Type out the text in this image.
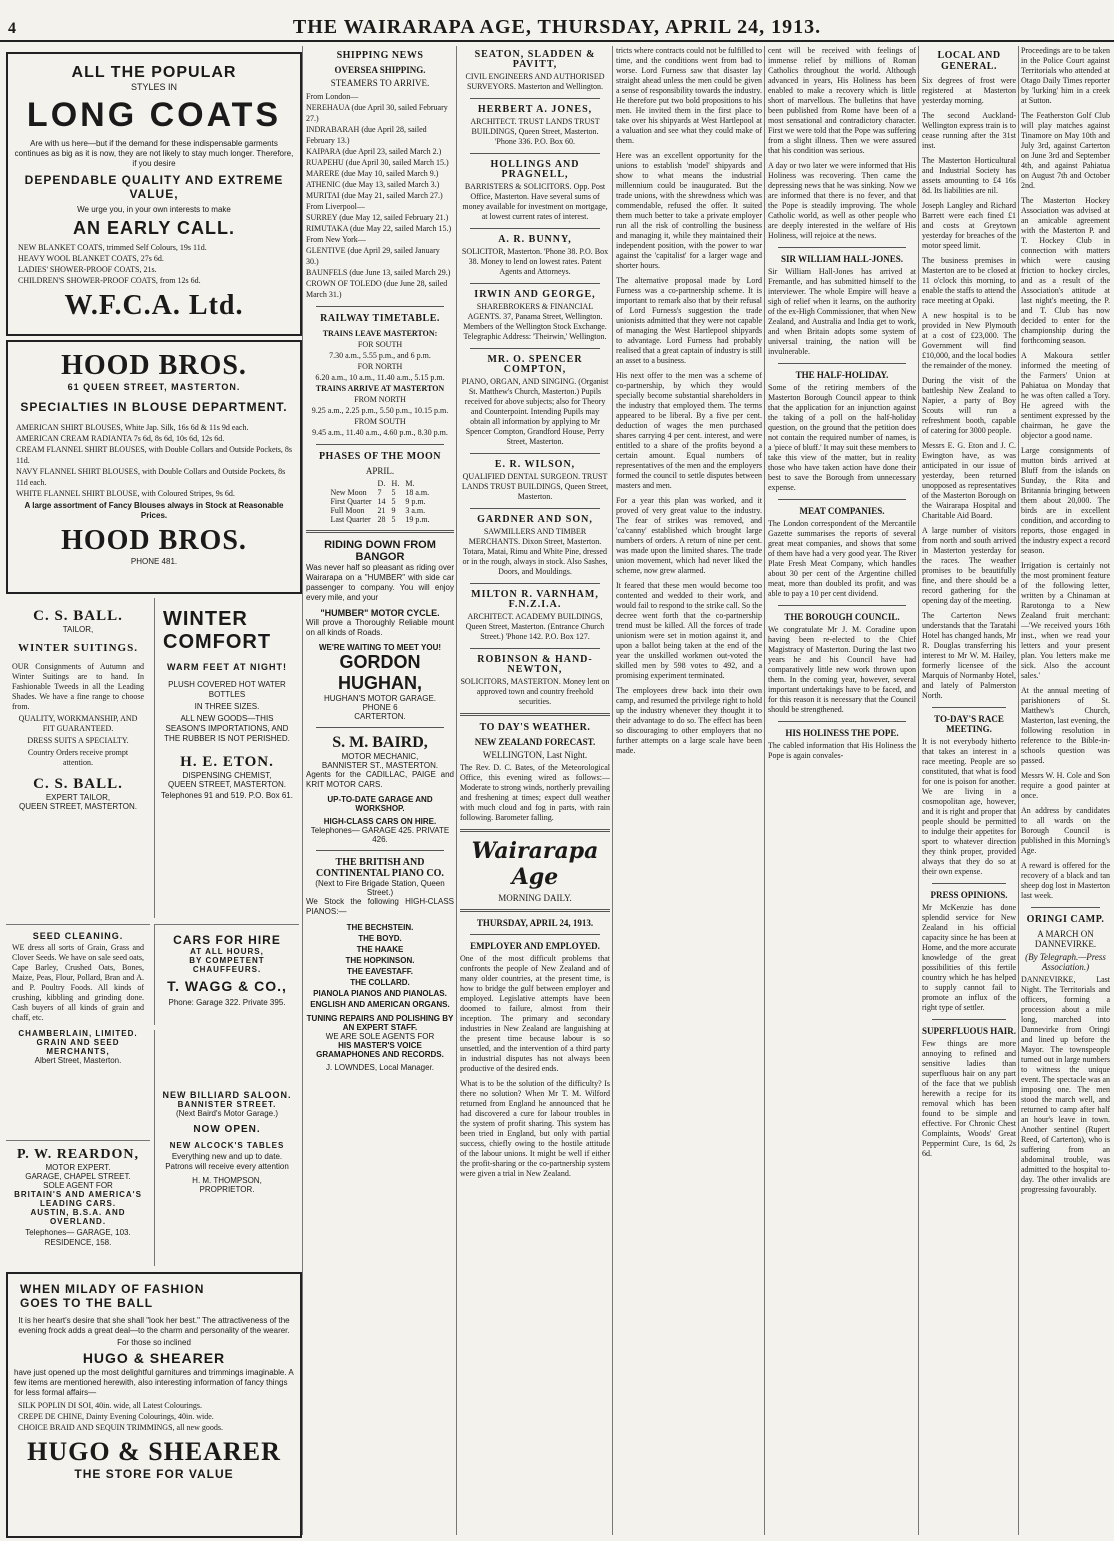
4	THE WAIRARAPA AGE, THURSDAY, APRIL 24, 1913.
ALL THE POPULAR
STYLES IN
LONG COATS
Are with us here—but if the demand for these indispensable garments continues as big as it is now, they are not likely to stay much longer. Therefore, if you desire
DEPENDABLE QUALITY AND EXTREME VALUE,
We urge you, in your own interests to make
AN EARLY CALL.
NEW BLANKET COATS, trimmed Self Colours, 19s 11d.
HEAVY WOOL BLANKET COATS, 27s 6d.
LADIES' SHOWER-PROOF COATS, 21s.
CHILDREN'S SHOWER-PROOF COATS, from 12s 6d.
W.F.C.A. Ltd.
HOOD BROS.
61 QUEEN STREET, MASTERTON.
SPECIALTIES IN BLOUSE DEPARTMENT.
AMERICAN SHIRT BLOUSES, White Jap. Silk, 16s 6d & 11s 9d each.
AMERICAN CREAM RADIANTA 7s 6d, 8s 6d, 10s 6d, 12s 6d.
CREAM FLANNEL SHIRT BLOUSES, with Double Collars and Outside Pockets, 8s 11d.
NAVY FLANNEL SHIRT BLOUSES, with Double Collars and Outside Pockets, 8s 11d each.
WHITE FLANNEL SHIRT BLOUSE, with Coloured Stripes, 9s 6d.
A large assortment of Fancy Blouses always in Stock at Reasonable Prices.
HOOD BROS.
PHONE 481.
C. S. BALL.
TAILOR,
WINTER SUITINGS.
OUR Consignments of Autumn and Winter Suitings are to hand. In Fashionable Tweeds in all the Leading Shades. We have a fine range to choose from.
QUALITY, WORKMANSHIP, AND FIT GUARANTEED.
DRESS SUITS A SPECIALTY.
Country Orders receive prompt attention.
C. S. BALL.
EXPERT TAILOR,
QUEEN STREET, MASTERTON.
WINTER
COMFORT
WARM FEET AT NIGHT!
PLUSH COVERED HOT WATER BOTTLES
IN THREE SIZES.
ALL NEW GOODS—THIS SEASON'S IMPORTATIONS, AND THE RUBBER IS NOT PERISHED.
H. E. ETON.
DISPENSING CHEMIST,
QUEEN STREET, MASTERTON.
Telephones 91 and 519. P.O. Box 61.
SEED CLEANING.
WE dress all sorts of Grain, Grass and Clover Seeds. We have on sale seed oats, Cape Barley, Crushed Oats, Bones, Maize, Peas, Flour, Pollard, Bran and A. and P. Poultry Foods. All kinds of crushing, kibbling and grinding done. Cash buyers of all kinds of grain and chaff, etc.
CHAMBERLAIN, LIMITED.
GRAIN AND SEED MERCHANTS,
Albert Street, Masterton.
CARS FOR HIRE
AT ALL HOURS,
BY COMPETENT CHAUFFEURS.
T. WAGG & CO.,
Phone: Garage 322. Private 395.
P. W. REARDON,
MOTOR EXPERT.
GARAGE, CHAPEL STREET.
SOLE AGENT FOR
BRITAIN'S AND AMERICA'S LEADING CARS.
AUSTIN, B.S.A. AND OVERLAND.
Telephones— GARAGE, 103. RESIDENCE, 158.
NEW BILLIARD SALOON.
BANNISTER STREET.
(Next Baird's Motor Garage.)
NOW OPEN.
NEW ALCOCK'S TABLES
Everything new and up to date. Patrons will receive every attention
H. M. THOMPSON,
PROPRIETOR.
WHEN MILADY OF FASHION
GOES TO THE BALL
It is her heart's desire that she shall "look her best." The attractiveness of the evening frock adds a great deal—to the charm and personality of the wearer.
For those so inclined
HUGO & SHEARER
have just opened up the most delightful garnitures and trimmings imaginable. A few items are mentioned herewith, also interesting information of fancy things for less formal affairs—
SILK POPLIN DI SOI, 40in. wide, all Latest Colourings.
CREPE DE CHINE, Dainty Evening Colourings, 40in. wide.
CHOICE BRAID AND SEQUIN TRIMMINGS, all new goods.
HUGO & SHEARER
THE STORE FOR VALUE
SHIPPING NEWS
OVERSEA SHIPPING.
STEAMERS TO ARRIVE.
From London—
NEREHAUA (due April 30, sailed February 27.)
INDRABARAH (due April 28, sailed February 13.)
KAIPARA (due April 23, sailed March 2.)
RUAPEHU (due April 30, sailed March 15.)
MARERE (due May 10, sailed March 9.)
ATHENIC (due May 13, sailed March 3.)
MURITAI (due May 21, sailed March 27.)
From Liverpool—
SURREY (due May 12, sailed February 21.)
RIMUTAKA (due May 22, sailed March 15.)
From New York—
GLENTIVE (due April 29, sailed January 30.)
BAUNFELS (due June 13, sailed March 29.)
CROWN OF TOLEDO (due June 28, sailed March 31.)
RAILWAY TIMETABLE.
TRAINS LEAVE MASTERTON:
FOR SOUTH
7.30 a.m., 5.55 p.m., and 6 p.m.
FOR NORTH
6.20 a.m., 10 a.m., 11.40 a.m., 5.15 p.m.
TRAINS ARRIVE AT MASTERTON
FROM NORTH
9.25 a.m., 2.25 p.m., 5.50 p.m., 10.15 p.m.
FROM SOUTH
9.45 a.m., 11.40 a.m., 4.60 p.m., 8.30 p.m.
PHASES OF THE MOON
APRIL.
	D.	H.	M.
New Moon	7	5	18 a.m.
First Quarter	14	5	9 p.m.
Full Moon	21	9	3 a.m.
Last Quarter	28	5	19 p.m.
RIDING DOWN FROM BANGOR

Was never half so pleasant as riding over Wairarapa on a "HUMBER" with side car passenger to company. You will enjoy every mile, and your

"HUMBER" MOTOR CYCLE.

Will prove a Thoroughly Reliable mount on all kinds of Roads.

WE'RE WAITING TO MEET YOU!
GORDON
HUGHAN,
HUGHAN'S MOTOR GARAGE.
PHONE 6
CARTERTON.
S. M. BAIRD,
MOTOR MECHANIC,
BANNISTER ST., MASTERTON.

Agents for the CADILLAC, PAIGE and KRIT MOTOR CARS.

UP-TO-DATE GARAGE AND WORKSHOP.
HIGH-CLASS CARS ON HIRE.
Telephones— GARAGE 425. PRIVATE 426.
THE BRITISH AND CONTINENTAL PIANO CO.
(Next to Fire Brigade Station, Queen Street.)

We Stock the following HIGH-CLASS PIANOS:—

THE BECHSTEIN.
THE BOYD.
THE HAAKE
THE HOPKINSON.
THE EAVESTAFF.
THE COLLARD.
PIANOLA PIANOS AND PIANOLAS.
ENGLISH AND AMERICAN ORGANS.
TUNING REPAIRS AND POLISHING BY AN EXPERT STAFF.
WE ARE SOLE AGENTS FOR
HIS MASTER'S VOICE GRAMAPHONES AND RECORDS.
J. LOWNDES, Local Manager.
SEATON, SLADDEN & PAVITT,
CIVIL ENGINEERS AND AUTHORISED SURVEYORS. Masterton and Wellington.
HERBERT A. JONES,
ARCHITECT. TRUST LANDS TRUST BUILDINGS, Queen Street, Masterton. 'Phone 336. P.O. Box 60.
HOLLINGS AND PRAGNELL,
BARRISTERS & SOLICITORS. Opp. Post Office, Masterton. Have several sums of money available for investment on mortgage, at lowest current rates of interest.
A. R. BUNNY,
SOLICITOR, Masterton. 'Phone 38. P.O. Box 38. Money to lend on lowest rates. Patent Agents and Attorneys.
IRWIN AND GEORGE,
SHAREBROKERS & FINANCIAL AGENTS. 37, Panama Street, Wellington. Members of the Wellington Stock Exchange. Telegraphic Address: 'Theirwin,' Wellington.
MR. O. SPENCER COMPTON,
PIANO, ORGAN, AND SINGING. (Organist St. Matthew's Church, Masterton.) Pupils received for above subjects; also for Theory and Counterpoint. Intending Pupils may obtain all information by applying to Mr Spencer Compton, Grandford House, Perry Street, Masterton.
E. R. WILSON,
QUALIFIED DENTAL SURGEON. TRUST LANDS TRUST BUILDINGS, Queen Street, Masterton.
GARDNER AND SON,
SAWMILLERS AND TIMBER MERCHANTS. Dixon Street, Masterton. Totara, Matai, Rimu and White Pine, dressed or in the rough, always in stock. Also Sashes, Doors, and Mouldings.
MILTON R. VARNHAM, F.N.Z.I.A.
ARCHITECT. ACADEMY BUILDINGS, Queen Street, Masterton. (Entrance Church Street.) 'Phone 142. P.O. Box 127.
ROBINSON & HAND-NEWTON,
SOLICITORS, MASTERTON. Money lent on approved town and country freehold securities.
TO DAY'S WEATHER.
NEW ZEALAND FORECAST.
WELLINGTON, Last Night.

The Rev. D. C. Bates, of the Meteorological Office, this evening wired as follows:— Moderate to strong winds, northerly prevailing and freshening at times; expect dull weather with much cloud and fog in parts, with rain following. Barometer falling.

Wairarapa Age
MORNING DAILY.
THURSDAY, APRIL 24, 1913.
EMPLOYER AND EMPLOYED.

One of the most difficult problems that confronts the people of New Zealand and of many older countries, at the present time, is how to bridge the gulf between employer and employed. Legislative attempts have been doomed to failure, almost from their inception. The primary and secondary industries in New Zealand are languishing at the present time because labour is so unsettled, and the intervention of a third party in industrial disputes has not always been productive of the desired ends.

What is to be the solution of the difficulty? Is there no solution? When Mr T. M. Wilford returned from England he announced that he had discovered a cure for labour troubles in the system of profit sharing. This system has been tried in England, but only with partial success, chiefly owing to the hostile attitude of the labour unions. It might be well if either the profit-sharing or the co-partnership system were given a trial in New Zealand.

tricts where contracts could not be fulfilled to time, and the conditions went from bad to worse. Lord Furness saw that disaster lay straight ahead unless the men could be given a sense of responsibility towards the industry. He therefore put two bold propositions to his men. He invited them in the first place to take over his shipyards at West Hartlepool at a valuation and see what they could make of them.

Here was an excellent opportunity for the unions to establish 'model' shipyards and show to what means the industrial millennium could be inaugurated. But the trade unions, with the shrewdness which was commendable, refused the offer. It suited them much better to take a private employer run all the risk of controlling the business and managing it, while they maintained their independent position, with the power to war against the 'capitalist' for a larger wage and shorter hours.

The alternative proposal made by Lord Furness was a co-partnership scheme. It is important to remark also that by their refusal of Lord Furness's suggestion the trade unionists admitted that they were not capable of managing the West Hartlepool shipyards to advantage. Lord Furness had probably realised that a great captain of industry is still an asset to a business.

His next offer to the men was a scheme of co-partnership, by which they would specially become substantial shareholders in the industry that employed them. The terms appeared to be liberal. By a five per cent. deduction of wages the men purchased shares carrying 4 per cent. interest, and were entitled to a share of the profits beyond a certain amount. Equal numbers of representatives of the men and the employers formed the council to settle disputes between masters and men.

For a year this plan was worked, and it proved of very great value to the industry. The fear of strikes was removed, and 'ca'canny' established which brought large numbers of orders. A return of nine per cent. was made upon the limited shares. The trade union movement, which had never liked the scheme, now grew alarmed.

It feared that these men would become too contented and wedded to their work, and would fail to respond to the strike call. So the decree went forth that the co-partnership trend must be killed. All the forces of trade unionism were set in motion against it, and upon a ballot being taken at the end of the year the unskilled workmen out-voted the skilled men by 598 votes to 492, and a promising experiment terminated.

The employees drew back into their own camp, and resumed the privilege right to hold up the industry whenever they thought it to their advantage to do so. The effect has been so discouraging to other employers that no further attempts on a large scale have been made.

cent will be received with feelings of immense relief by millions of Roman Catholics throughout the world. Although advanced in years, His Holiness has been enabled to make a recovery which is little short of marvellous. The bulletins that have been published from Rome have been of a most sensational and contradictory character. First we were told that the Pope was suffering from a slight illness. Then we were assured that his condition was serious.

A day or two later we were informed that His Holiness was recovering. Then came the depressing news that he was sinking. Now we are informed that there is no fever, and that the Pope is steadily improving. The whole Catholic world, as well as other people who are deeply interested in the welfare of His Holiness, will rejoice at the news.

SIR WILLIAM HALL-JONES.

Sir William Hall-Jones has arrived at Fremantle, and has submitted himself to the interviewer. The whole Empire will heave a sigh of relief when it learns, on the authority of the ex-High Commissioner, that when New Zealand, and Australia and India get to work, and when Britain adopts some system of universal training, the nation will be invulnerable.

THE HALF-HOLIDAY.

Some of the retiring members of the Masterton Borough Council appear to think that the application for an injunction against the taking of a poll on the half-holiday question, on the ground that the petition does not contain the required number of names, is a 'piece of bluff.' It may suit these members to take this view of the matter, but in reality those who have taken action have done their best to save the Borough from unnecessary expense.

MEAT COMPANIES.

The London correspondent of the Mercantile Gazette summarises the reports of several great meat companies, and shows that some of them have had a very good year. The River Plate Fresh Meat Company, which handles about 30 per cent of the Argentine chilled meat, more than doubled its profit, and was able to pay a 10 per cent dividend.

THE BOROUGH COUNCIL.

We congratulate Mr J. M. Coradine upon having been re-elected to the Chief Magistracy of Masterton. During the last two years he and his Council have had comparatively little new work thrown upon them. In the coming year, however, several important undertakings have to be faced, and for this reason it is necessary that the Council should be strengthened.

HIS HOLINESS THE POPE.

The cabled information that His Holiness the Pope is again convales-

LOCAL AND GENERAL.

Six degrees of frost were registered at Masterton yesterday morning.

The second Auckland-Wellington express train is to cease running after the 31st inst.

The Masterton Horticultural and Industrial Society has assets amounting to £4 16s 8d. Its liabilities are nil.

Joseph Langley and Richard Barrett were each fined £1 and costs at Greytown yesterday for breaches of the motor speed limit.

The business premises in Masterton are to be closed at 11 o'clock this morning, to enable the staffs to attend the race meeting at Opaki.

A new hospital is to be provided in New Plymouth at a cost of £23,000. The Government will find £10,000, and the local bodies the remainder of the money.

During the visit of the battleship New Zealand to Napier, a party of Boy Scouts will run a refreshment booth, capable of catering for 3000 people.

Messrs E. G. Eton and J. C. Ewington have, as was anticipated in our issue of yesterday, been returned unopposed as representatives of the Masterton Borough on the Wairarapa Hospital and Charitable Aid Board.

A large number of visitors from north and south arrived in Masterton yesterday for the races. The weather promises to be beautifully fine, and there should be a record gathering for the opening day of the meeting.

The Carterton News understands that the Taratahi Hotel has changed hands, Mr R. Douglas transferring his interest to Mr W. M. Hailey, formerly licensee of the Marquis of Normanby Hotel, and lately of Palmerston North.

TO-DAY'S RACE MEETING.

It is not everybody hitherto that takes an interest in a race meeting. People are so constituted, that what is food for one is poison for another. We are living in a cosmopolitan age, however, and it is right and proper that people should be permitted to indulge their appetites for sport to whatever direction they think proper, provided always that they do so at their own expense.

PRESS OPINIONS.

Mr McKenzie has done splendid service for New Zealand in his official capacity since he has been at Home, and the more accurate knowledge of the great possibilities of this fertile country which he has helped to supply cannot fail to promote an influx of the right type of settler.

SUPERFLUOUS HAIR.

Few things are more annoying to refined and sensitive ladies than superfluous hair on any part of the face that we publish herewith a recipe for its removal which has been found to be simple and effective. For Chronic Chest Complaints, Woods' Great Peppermint Cure, 1s 6d, 2s 6d.

Proceedings are to be taken in the Police Court against Territorials who attended at Otago Daily Times reporter by 'lurking' him in a creek at Sutton.

The Featherston Golf Club will play matches against Tinamore on May 10th and July 3rd, against Carterton on June 3rd and September 4th, and against Pahiatua on August 7th and October 2nd.

The Masterton Hockey Association was advised at an amicable agreement with the Masterton P. and T. Hockey Club in connection with matters which were causing friction to hockey circles, and as a result of the Association's attitude at last night's meeting, the P. and T. Club has now decided to enter for the championship during the forthcoming season.

A Makoura settler informed the meeting of the Farmers' Union at Pahiatua on Monday that he was often called a Tory. He agreed with the sentiment expressed by the chairman, he gave the objector a good name.

Large consignments of mutton birds arrived at Bluff from the islands on Sunday, the Rita and Britannia bringing between them about 20,000. The birds are in excellent condition, and according to reports, those engaged in the industry expect a record season.

Irrigation is certainly not the most prominent feature of the following letter, written by a Chinaman at Rarotonga to a New Zealand fruit merchant:—'We received yours 16th inst., when we read your letters and your present plan. You letters make me sick. Also the account sales.'

At the annual meeting of parishioners of St. Matthew's Church, Masterton, last evening, the following resolution in reference to the Bible-in-schools question was passed.

Messrs W. H. Cole and Son require a good painter at once.

An address by candidates to all wards on the Borough Council is published in this Morning's Age.

A reward is offered for the recovery of a black and tan sheep dog lost in Masterton last week.

ORINGI CAMP.
A MARCH ON DANNEVIRKE.
(By Telegraph.—Press Association.)

DANNEVIRKE, Last Night. The Territorials and officers, forming a procession about a mile long, marched into Dannevirke from Oringi and lined up before the Mayor. The townspeople turned out in large numbers to witness the unique event. The spectacle was an imposing one. The men stood the march well, and returned to camp after half an hour's leave in town. Another sentinel (Rupert Reed, of Carterton), who is suffering from an abdominal trouble, was admitted to the hospital to-day. The other invalids are progressing favourably.
